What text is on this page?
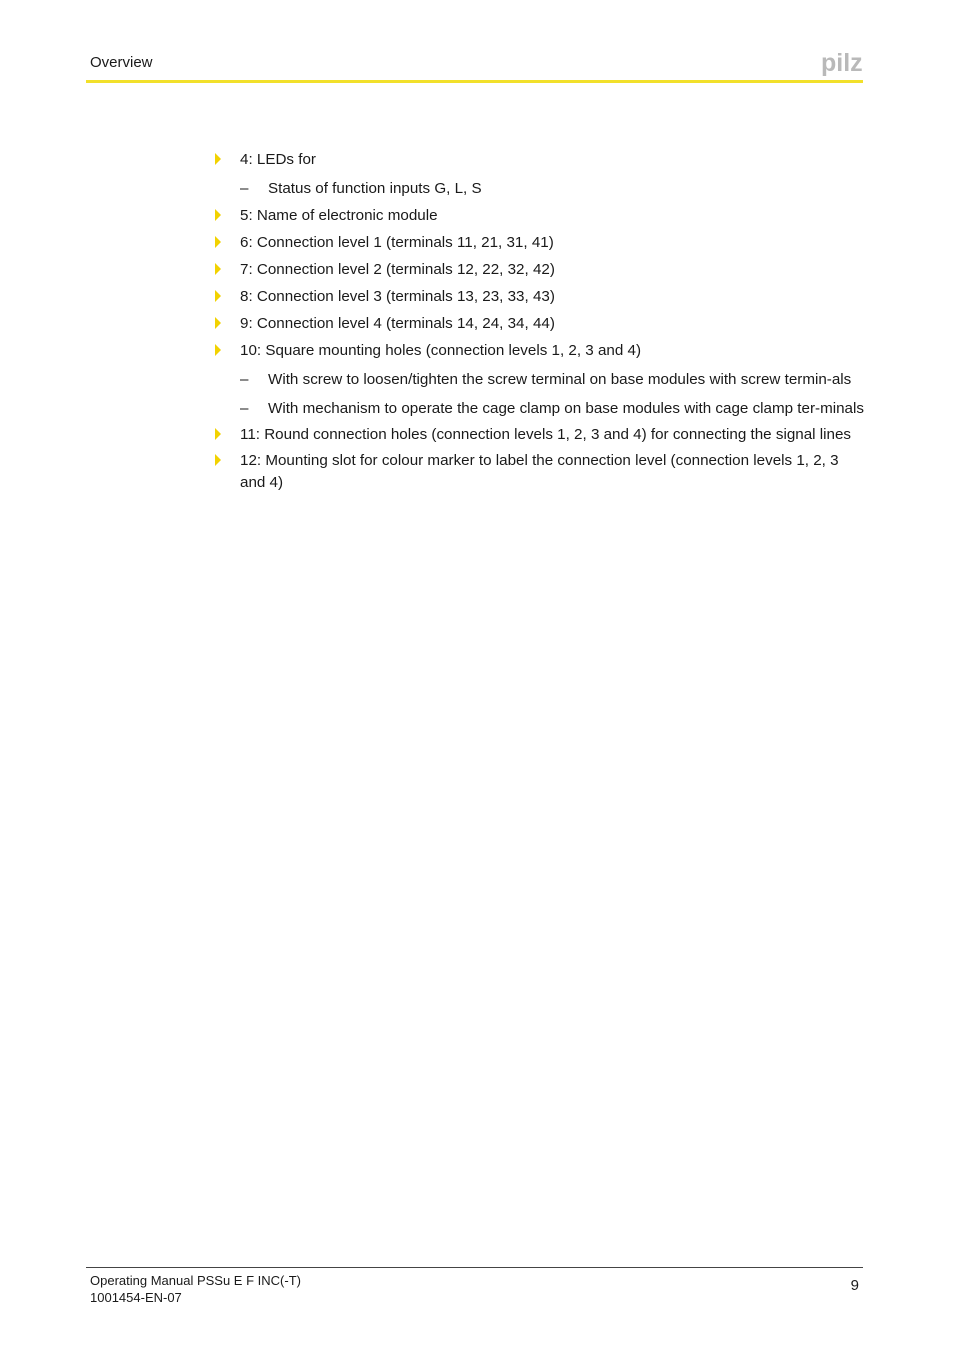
Overview	pilz
4: LEDs for
– Status of function inputs G, L, S
5: Name of electronic module
6: Connection level 1 (terminals 11, 21, 31, 41)
7: Connection level 2 (terminals 12, 22, 32, 42)
8: Connection level 3 (terminals 13, 23, 33, 43)
9: Connection level 4 (terminals 14, 24, 34, 44)
10: Square mounting holes (connection levels 1, 2, 3 and 4)
– With screw to loosen/tighten the screw terminal on base modules with screw termin-als
– With mechanism to operate the cage clamp on base modules with cage clamp ter-minals
11: Round connection holes (connection levels 1, 2, 3 and 4) for connecting the signal lines
12: Mounting slot for colour marker to label the connection level (connection levels 1, 2, 3 and 4)
Operating Manual PSSu E F INC(-T)
1001454-EN-07
9
